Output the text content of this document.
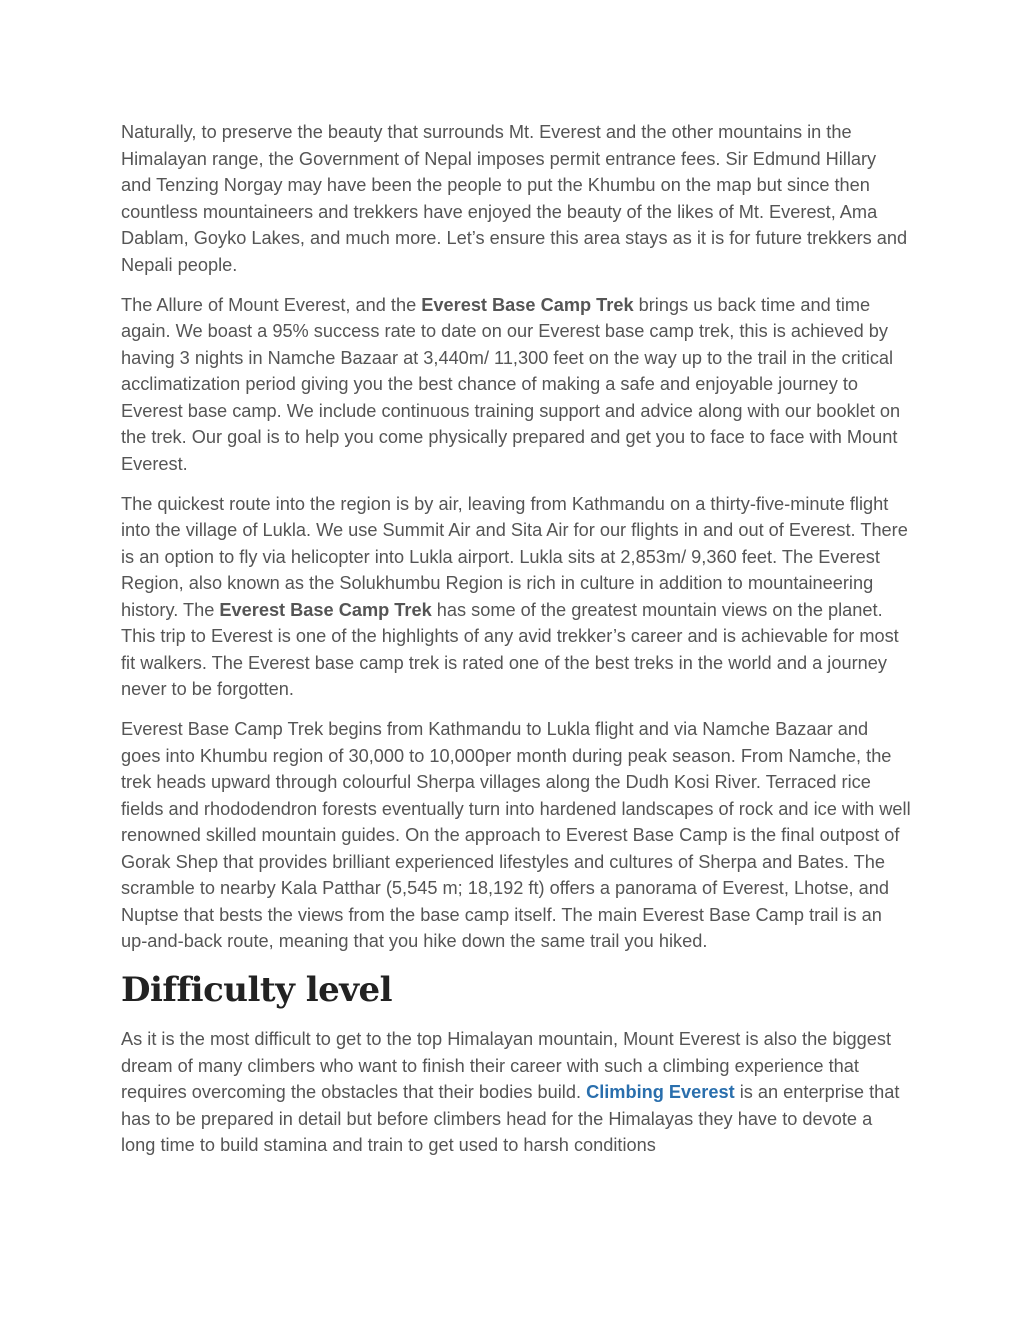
Naturally, to preserve the beauty that surrounds Mt. Everest and the other mountains in the Himalayan range, the Government of Nepal imposes permit entrance fees. Sir Edmund Hillary and Tenzing Norgay may have been the people to put the Khumbu on the map but since then countless mountaineers and trekkers have enjoyed the beauty of the likes of Mt. Everest, Ama Dablam, Goyko Lakes, and much more. Let’s ensure this area stays as it is for future trekkers and Nepali people.

The Allure of Mount Everest, and the Everest Base Camp Trek brings us back time and time again. We boast a 95% success rate to date on our Everest base camp trek, this is achieved by having 3 nights in Namche Bazaar at 3,440m/ 11,300 feet on the way up to the trail in the critical acclimatization period giving you the best chance of making a safe and enjoyable journey to Everest base camp. We include continuous training support and advice along with our booklet on the trek. Our goal is to help you come physically prepared and get you to face to face with Mount Everest.

The quickest route into the region is by air, leaving from Kathmandu on a thirty-five-minute flight into the village of Lukla. We use Summit Air and Sita Air for our flights in and out of Everest. There is an option to fly via helicopter into Lukla airport. Lukla sits at 2,853m/ 9,360 feet. The Everest Region, also known as the Solukhumbu Region is rich in culture in addition to mountaineering history. The Everest Base Camp Trek has some of the greatest mountain views on the planet. This trip to Everest is one of the highlights of any avid trekker’s career and is achievable for most fit walkers. The Everest base camp trek is rated one of the best treks in the world and a journey never to be forgotten.

Everest Base Camp Trek begins from Kathmandu to Lukla flight and via Namche Bazaar and goes into Khumbu region of 30,000 to 10,000per month during peak season. From Namche, the trek heads upward through colourful Sherpa villages along the Dudh Kosi River. Terraced rice fields and rhododendron forests eventually turn into hardened landscapes of rock and ice with well renowned skilled mountain guides. On the approach to Everest Base Camp is the final outpost of Gorak Shep that provides brilliant experienced lifestyles and cultures of Sherpa and Bates. The scramble to nearby Kala Patthar (5,545 m; 18,192 ft) offers a panorama of Everest, Lhotse, and Nuptse that bests the views from the base camp itself. The main Everest Base Camp trail is an up-and-back route, meaning that you hike down the same trail you hiked.

Difficulty level

As it is the most difficult to get to the top Himalayan mountain, Mount Everest is also the biggest dream of many climbers who want to finish their career with such a climbing experience that requires overcoming the obstacles that their bodies build. Climbing Everest is an enterprise that has to be prepared in detail but before climbers head for the Himalayas they have to devote a long time to build stamina and train to get used to harsh conditions
